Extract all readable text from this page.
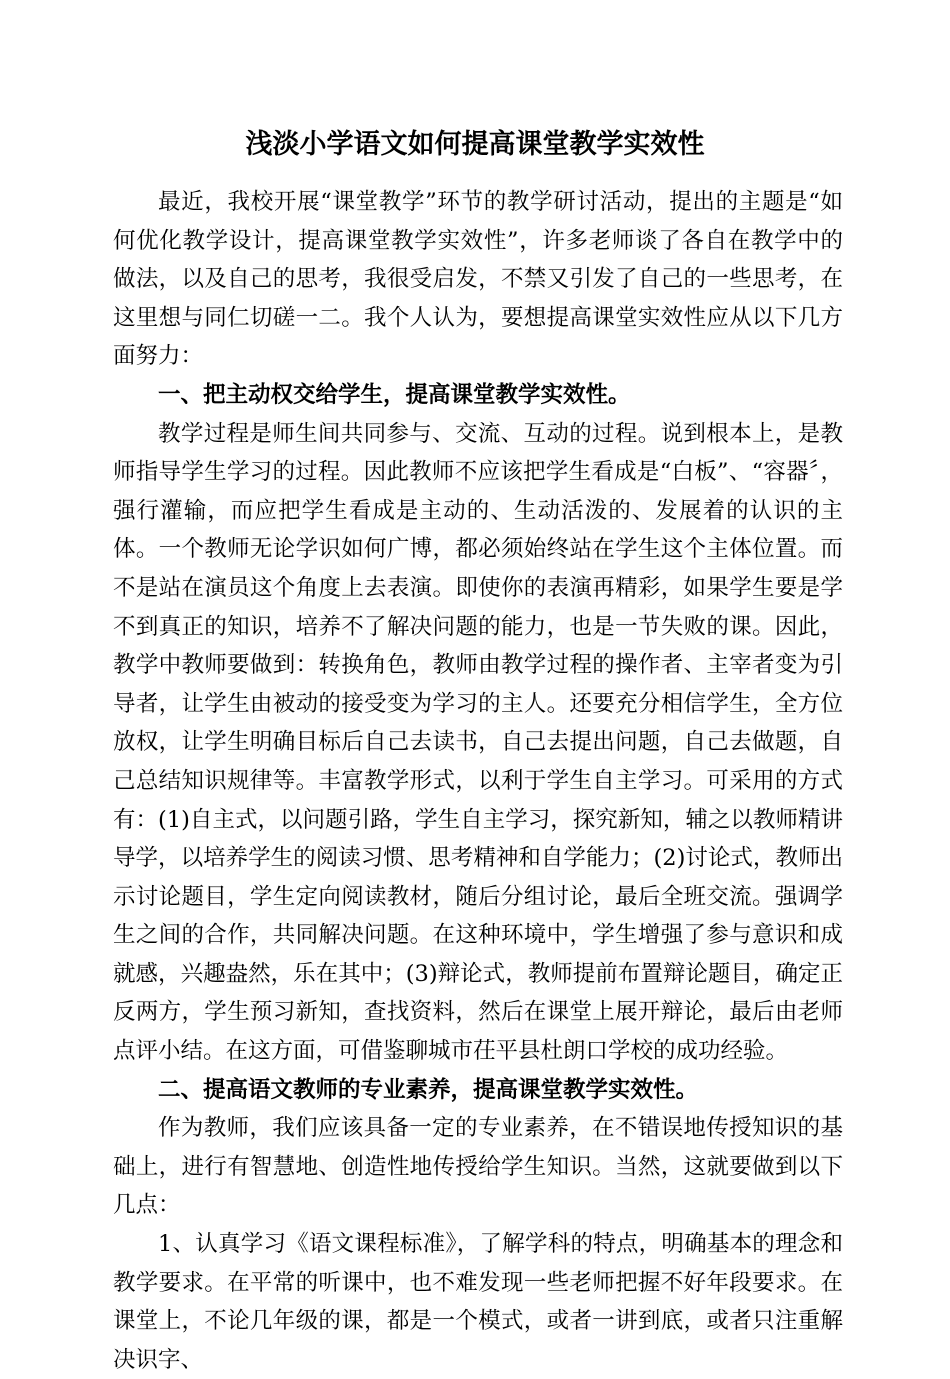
浅淡小学语文如何提高课堂教学实效性

最近，我校开展“课堂教学”环节的教学研讨活动，提出的主题是“如何优化教学设计，提高课堂教学实效性”，许多老师谈了各自在教学中的做法，以及自己的思考，我很受启发，不禁又引发了自己的一些思考，在这里想与同仁切磋一二。我个人认为，要想提高课堂实效性应从以下几方面努力：

一、把主动权交给学生，提高课堂教学实效性。

教学过程是师生间共同参与、交流、互动的过程。说到根本上，是教师指导学生学习的过程。因此教师不应该把学生看成是“白板”、“容器〞，强行灌输，而应把学生看成是主动的、生动活泼的、发展着的认识的主体。一个教师无论学识如何广博，都必须始终站在学生这个主体位置。而不是站在演员这个角度上去表演。即使你的表演再精彩，如果学生要是学不到真正的知识，培养不了解决问题的能力，也是一节失败的课。因此，教学中教师要做到：转换角色，教师由教学过程的操作者、主宰者变为引导者，让学生由被动的接受变为学习的主人。还要充分相信学生，全方位放权，让学生明确目标后自己去读书，自己去提出问题，自己去做题，自己总结知识规律等。丰富教学形式，以利于学生自主学习。可采用的方式有：(1)自主式，以问题引路，学生自主学习，探究新知，辅之以教师精讲导学，以培养学生的阅读习惯、思考精神和自学能力；(2)讨论式，教师出示讨论题目，学生定向阅读教材，随后分组讨论，最后全班交流。强调学生之间的合作，共同解决问题。在这种环境中，学生增强了参与意识和成就感，兴趣盎然，乐在其中；(3)辩论式，教师提前布置辩论题目，确定正反两方，学生预习新知，查找资料，然后在课堂上展开辩论，最后由老师点评小结。在这方面，可借鉴聊城市茌平县杜朗口学校的成功经验。

二、提高语文教师的专业素养，提高课堂教学实效性。

作为教师，我们应该具备一定的专业素养，在不错误地传授知识的基础上，进行有智慧地、创造性地传授给学生知识。当然，这就要做到以下几点：

1、认真学习《语文课程标准》，了解学科的特点，明确基本的理念和教学要求。在平常的听课中，也不难发现一些老师把握不好年段要求。在课堂上，不论几年级的课，都是一个模式，或者一讲到底，或者只注重解决识字、
